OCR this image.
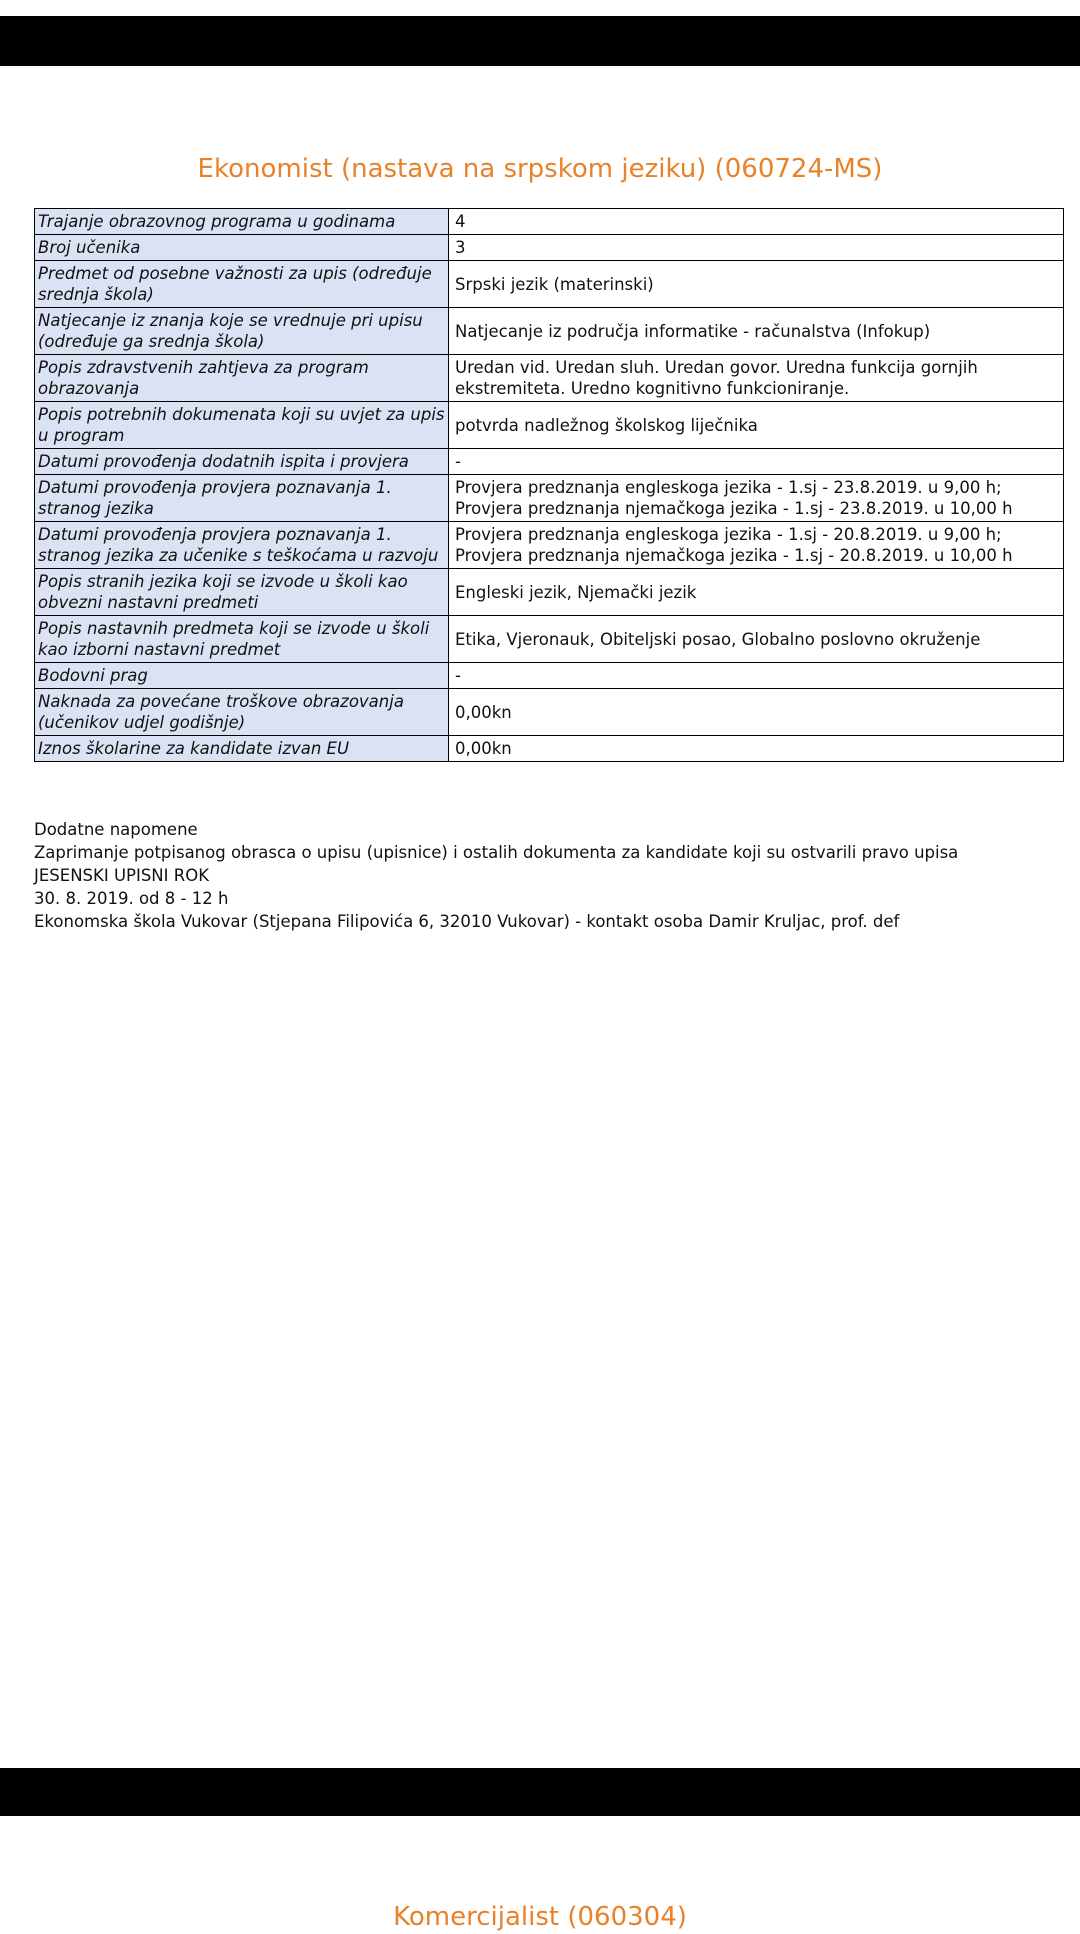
Ekonomist (nastava na srpskom jeziku) (060724-MS)
Trajanje obrazovnog programa u godinama	4
Broj učenika	3
Predmet od posebne važnosti za upis (određuje srednja škola)	Srpski jezik (materinski)
Natjecanje iz znanja koje se vrednuje pri upisu (određuje ga srednja škola)	Natjecanje iz područja informatike - računalstva (Infokup)
Popis zdravstvenih zahtjeva za program obrazovanja	Uredan vid. Uredan sluh. Uredan govor. Uredna funkcija gornjih ekstremiteta. Uredno kognitivno funkcioniranje.
Popis potrebnih dokumenata koji su uvjet za upis u program	potvrda nadležnog školskog liječnika
Datumi provođenja dodatnih ispita i provjera	-
Datumi provođenja provjera poznavanja 1. stranog jezika	Provjera predznanja engleskoga jezika - 1.sj - 23.8.2019. u 9,00 h;
Provjera predznanja njemačkoga jezika - 1.sj - 23.8.2019. u 10,00 h

Datumi provođenja provjera poznavanja 1. stranog jezika za učenike s teškoćama u razvoju	Provjera predznanja engleskoga jezika - 1.sj - 20.8.2019. u 9,00 h;
Provjera predznanja njemačkoga jezika - 1.sj - 20.8.2019. u 10,00 h

Popis stranih jezika koji se izvode u školi kao obvezni nastavni predmeti	Engleski jezik, Njemački jezik
Popis nastavnih predmeta koji se izvode u školi kao izborni nastavni predmet	Etika, Vjeronauk, Obiteljski posao, Globalno poslovno okruženje
Bodovni prag	-
Naknada za povećane troškove obrazovanja (učenikov udjel godišnje)	0,00kn
Iznos školarine za kandidate izvan EU	0,00kn
Dodatne napomene
Zaprimanje potpisanog obrasca o upisu (upisnice) i ostalih dokumenta za kandidate koji su ostvarili pravo upisa
JESENSKI UPISNI ROK
30. 8. 2019. od 8 - 12 h
Ekonomska škola Vukovar (Stjepana Filipovića 6, 32010 Vukovar) - kontakt osoba Damir Kruljac, prof. def
Komercijalist (060304)
